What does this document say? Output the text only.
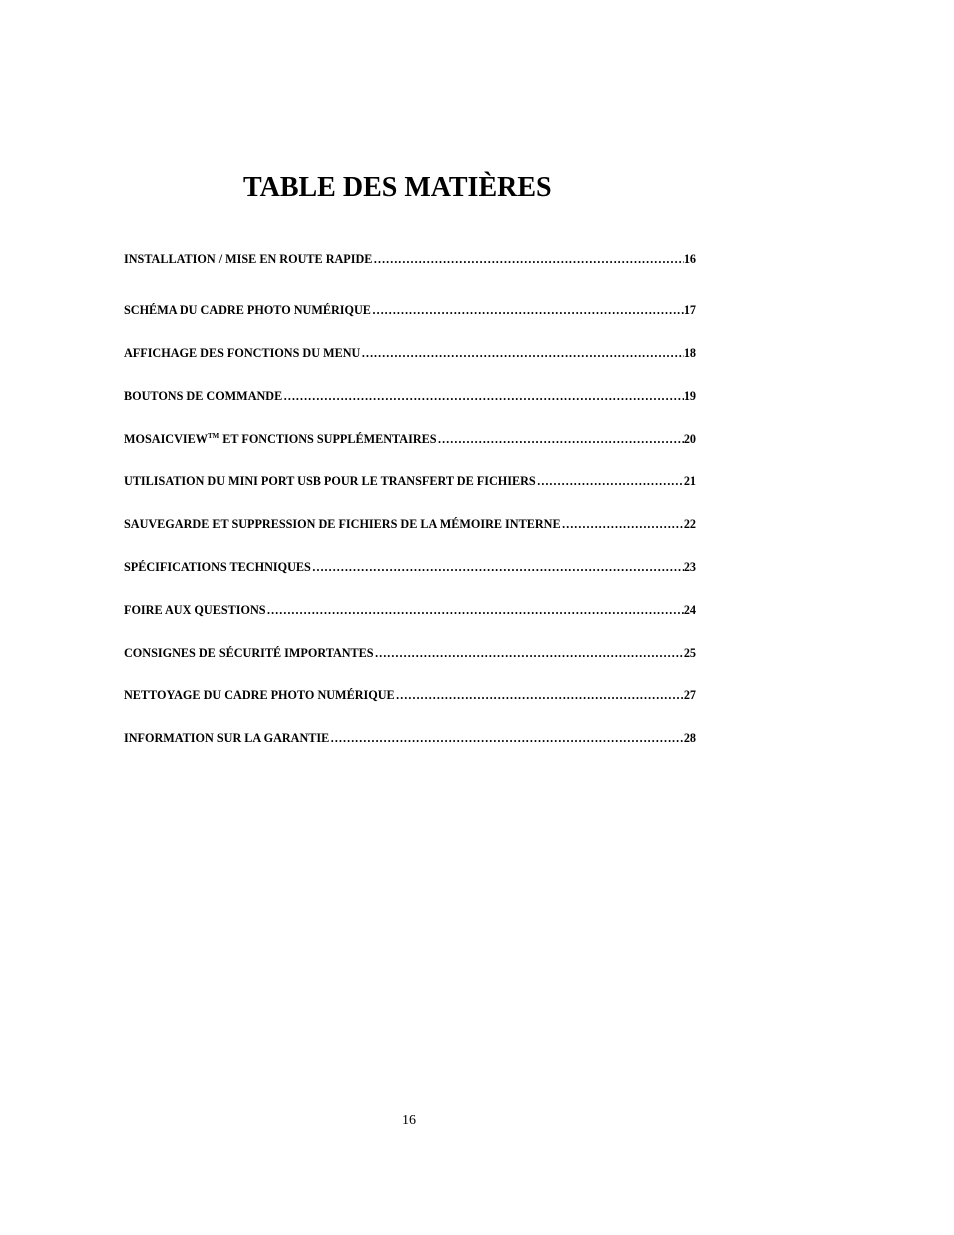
TABLE DES MATIÈRES
INSTALLATION / MISE EN ROUTE RAPIDE ………………………………………………………………………………………………………………………………………………………………	16
SCHÉMA DU CADRE PHOTO NUMÉRIQUE ………………………………………………………………………………………………………………………………………………………………	17
AFFICHAGE DES FONCTIONS DU MENU ………………………………………………………………………………………………………………………………………………………………	18
BOUTONS DE COMMANDE ………………………………………………………………………………………………………………………………………………………………	19
MOSAICVIEW™ ET FONCTIONS SUPPLÉMENTAIRES ………………………………………………………………………………………………………………………………………………………………	20
UTILISATION DU MINI PORT USB POUR LE TRANSFERT DE FICHIERS ………………………………………………………………………………………………………………………………………………………………	21
SAUVEGARDE ET SUPPRESSION DE FICHIERS DE LA MÉMOIRE INTERNE ………………………………………………………………………………………………………………………………………………………………	22
SPÉCIFICATIONS TECHNIQUES ………………………………………………………………………………………………………………………………………………………………	23
FOIRE AUX QUESTIONS ………………………………………………………………………………………………………………………………………………………………	24
CONSIGNES DE SÉCURITÉ IMPORTANTES ………………………………………………………………………………………………………………………………………………………………	25
NETTOYAGE DU CADRE PHOTO NUMÉRIQUE ………………………………………………………………………………………………………………………………………………………………	27
INFORMATION SUR LA GARANTIE ………………………………………………………………………………………………………………………………………………………………	28
16
